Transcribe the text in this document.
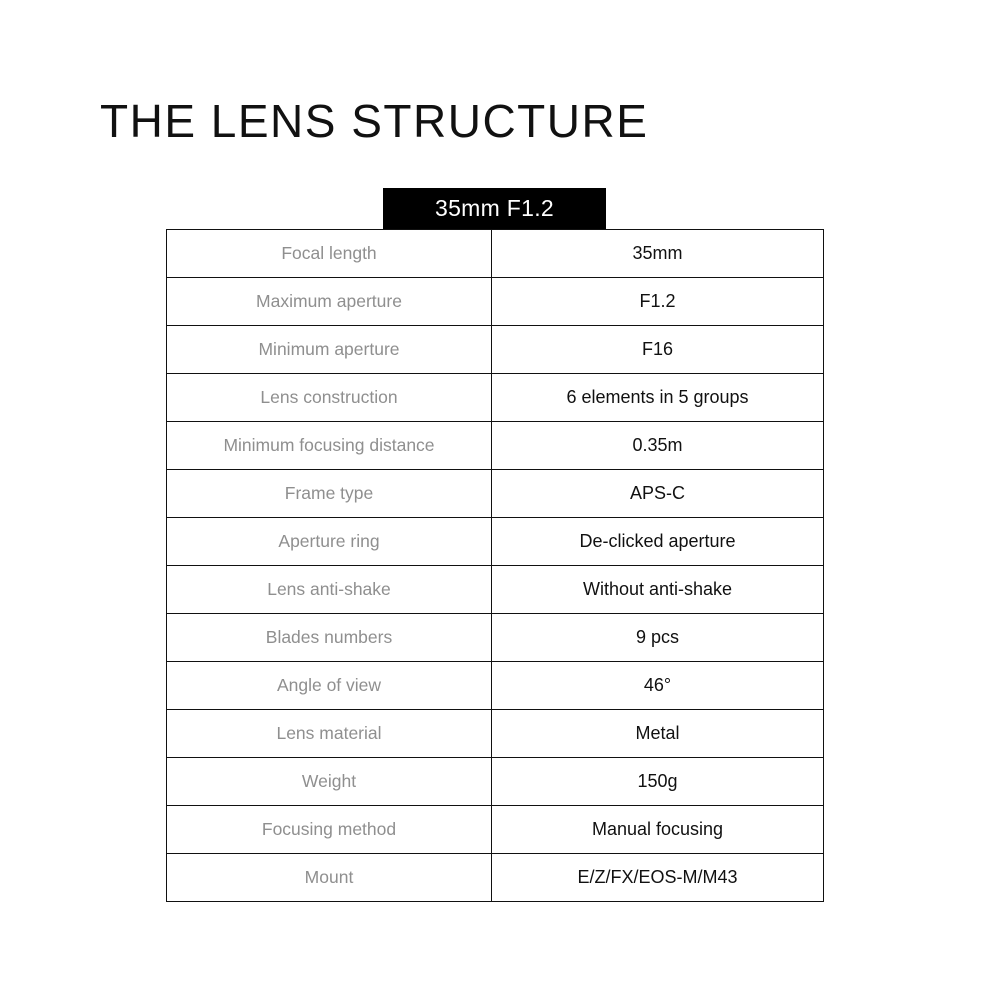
THE LENS STRUCTURE
35mm F1.2
Focal length	35mm
Maximum aperture	F1.2
Minimum aperture	F16
Lens construction	6 elements in 5 groups
Minimum focusing distance	0.35m
Frame type	APS-C
Aperture ring	De-clicked aperture
Lens anti-shake	Without anti-shake
Blades numbers	9 pcs
Angle of view	46°
Lens material	Metal
Weight	150g
Focusing method	Manual focusing
Mount	E/Z/FX/EOS-M/M43
